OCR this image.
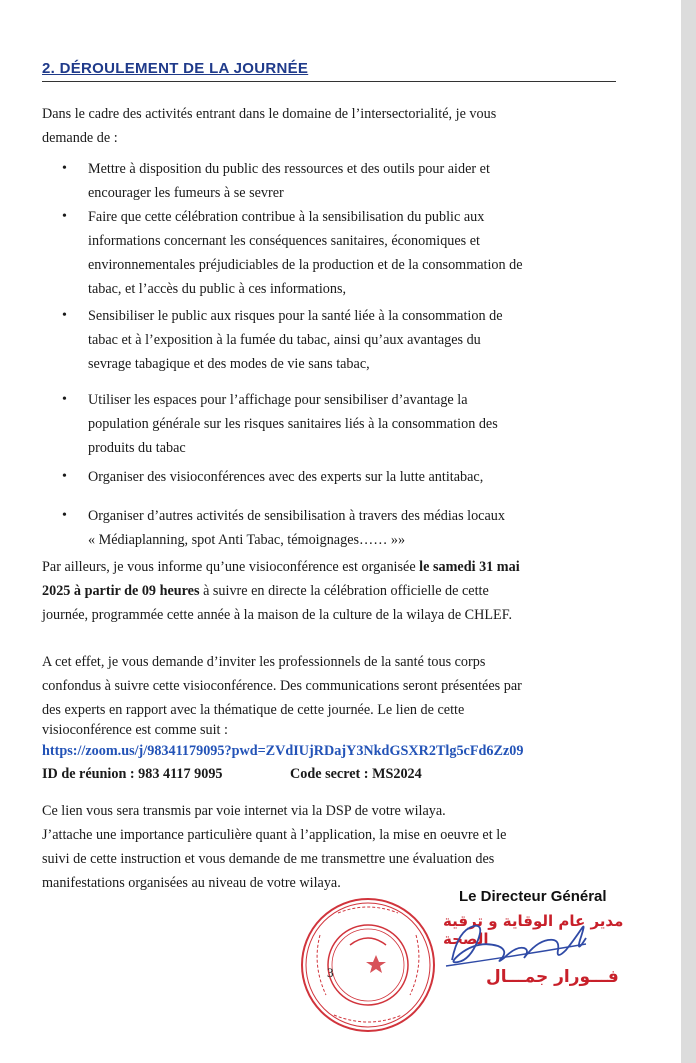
2. DÉROULEMENT DE LA JOURNÉE
Dans le cadre des activités entrant dans le domaine de l’intersectorialité, je vous
demande de :
• Mettre à disposition du public des ressources et des outils pour aider et
encourager les fumeurs à se sevrer
• Faire que cette célébration contribue à la sensibilisation du public aux
informations concernant les conséquences sanitaires, économiques et
environnementales préjudiciables de la production et de la consommation de
tabac, et l’accès du public à ces informations,
• Sensibiliser le public aux risques pour la santé liée à la consommation de
tabac et à l’exposition à la fumée du tabac, ainsi qu’aux avantages du
sevrage tabagique et des modes de vie sans tabac,
• Utiliser les espaces pour l’affichage pour sensibiliser d’avantage la
population générale sur les risques sanitaires liés à la consommation des
produits du tabac
• Organiser des visioconférences avec des experts sur la lutte antitabac,
• Organiser d’autres activités de sensibilisation à travers des médias locaux
« Médiaplanning, spot Anti Tabac, témoignages…… »»
Par ailleurs, je vous informe qu’une visioconférence est organisée le samedi 31 mai
2025 à partir de 09 heures à suivre en directe la célébration officielle de cette
journée, programmée cette année à la maison de la culture de la wilaya de CHLEF.
A cet effet, je vous demande d’inviter les professionnels de la santé tous corps
confondus à suivre cette visioconférence. Des communications seront présentées par
des experts en rapport avec la thématique de cette journée. Le lien de cette
visioconférence est comme suit :
https://zoom.us/j/98341179095?pwd=ZVdIUjRDajY3NkdGSXR2Tlg5cFd6Zz09
ID de réunion : 983 4117 9095	Code secret : MS2024
Ce lien vous sera transmis par voie internet via la DSP de votre wilaya.
J’attache une importance particulière quant à l’application, la mise en oeuvre et le
suivi de cette instruction et vous demande de me transmettre une évaluation des
manifestations organisées au niveau de votre wilaya.
3
Le Directeur Général
مدير عام الوقاية و ترقية الصحة
فـــورار جمـــال
